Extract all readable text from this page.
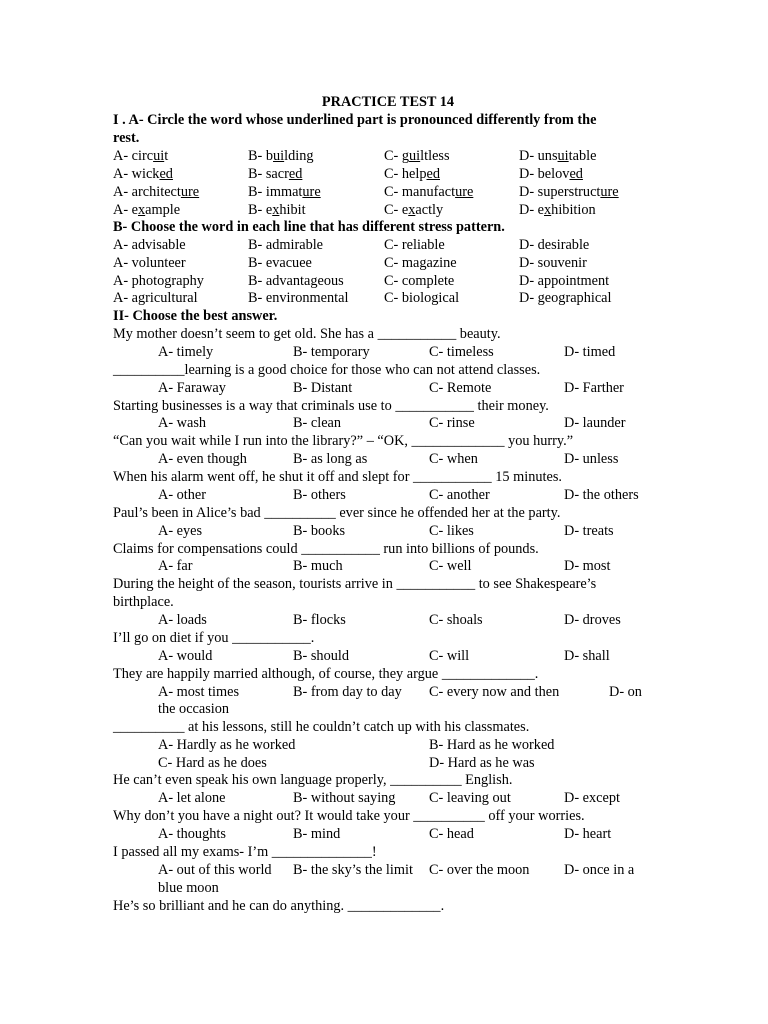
PRACTICE TEST 14
I . A- Circle the word whose underlined part is pronounced differently from the
rest.
A- circuit	B- building	C- guiltless	D- unsuitable
A- wicked	B- sacred	C- helped	D- beloved
A- architecture	B- immature	C- manufacture	D- superstructure
A- example	B- exhibit	C- exactly	D- exhibition
B- Choose the word in each line that has different stress pattern.
A- advisable	B- admirable	C- reliable	D- desirable
A- volunteer	B- evacuee	C- magazine	D- souvenir
A- photography	B- advantageous	C- complete	D- appointment
A- agricultural	B- environmental C- biological	D- geographical
II- Choose the best answer.
My mother doesn’t seem to get old. She has a ___________ beauty.
A- timely	B- temporary	C- timeless	D- timed
__________learning is a good choice for those who can not attend classes.
A- Faraway	B- Distant	C- Remote	D- Farther
Starting businesses is a way that criminals use to ___________ their money.
A- wash	B- clean	C- rinse	D- launder
“Can you wait while I run into the library?” – “OK, _____________ you hurry.”
A- even though	B- as long as	C- when	D- unless
When his alarm went off, he shut it off and slept for ___________ 15 minutes.
A- other	B- others	C- another	D- the others
Paul’s been in Alice’s bad __________ ever since he offended her at the party.
A- eyes	B- books	C- likes	D- treats
Claims for compensations could ___________ run into billions of pounds.
A- far	B- much	C- well	D- most
During the height of the season, tourists arrive in ___________ to see Shakespeare’s
birthplace.
A- loads	B- flocks	C- shoals	D- droves
I’ll go on diet if you ___________.
A- would	B- should	C- will	D- shall
They are happily married although, of course, they argue _____________.
A- most times	B- from day to day C- every now and then	D- on
the occasion
__________ at his lessons, still he couldn’t catch up with his classmates.
A- Hardly as he worked	B- Hard as he worked
C- Hard as he does	D- Hard as he was
He can’t even speak his own language properly, __________ English.
A- let alone	B- without saying C- leaving out	D- except
Why don’t you have a night out? It would take your __________ off your worries.
A- thoughts	B- mind	C- head	D- heart
I passed all my exams- I’m ______________!
A- out of this world B- the sky’s the limit C- over the moon D- once in a
blue moon
He’s so brilliant and he can do anything. _____________.
